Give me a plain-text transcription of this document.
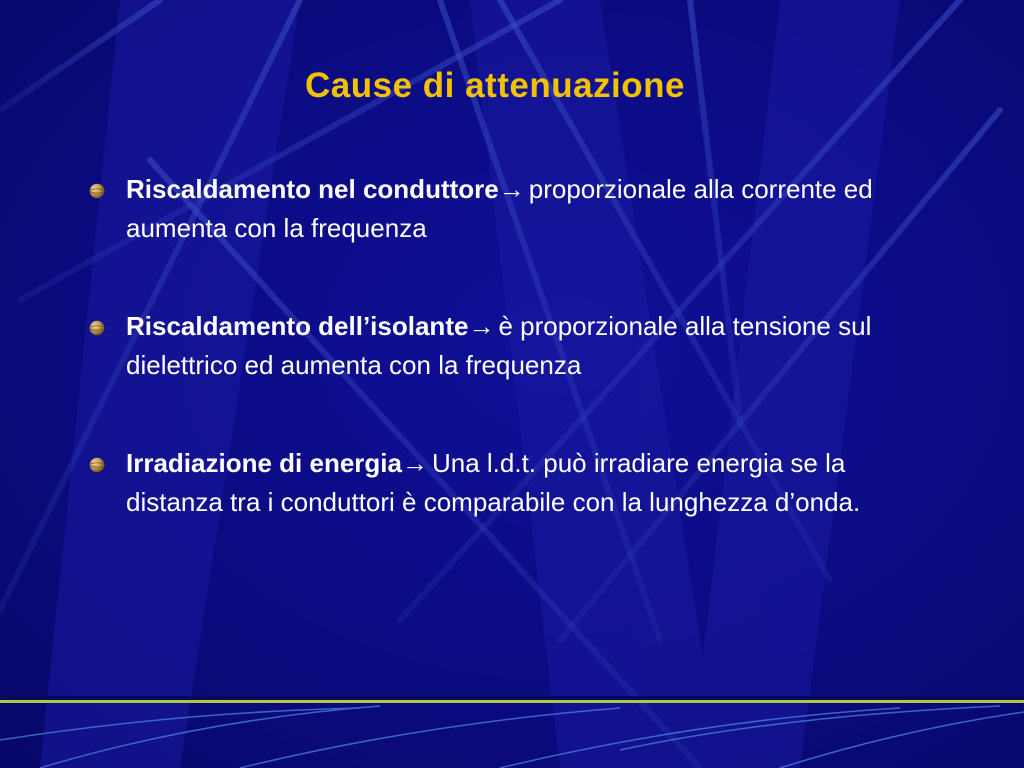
Cause di attenuazione
Riscaldamento nel conduttore→ proporzionale alla corrente ed aumenta con la frequenza
Riscaldamento dell’isolante→ è proporzionale alla tensione sul dielettrico ed aumenta con la frequenza
Irradiazione di energia→ Una l.d.t. può irradiare energia se la distanza tra i conduttori è comparabile con la lunghezza d’onda.
